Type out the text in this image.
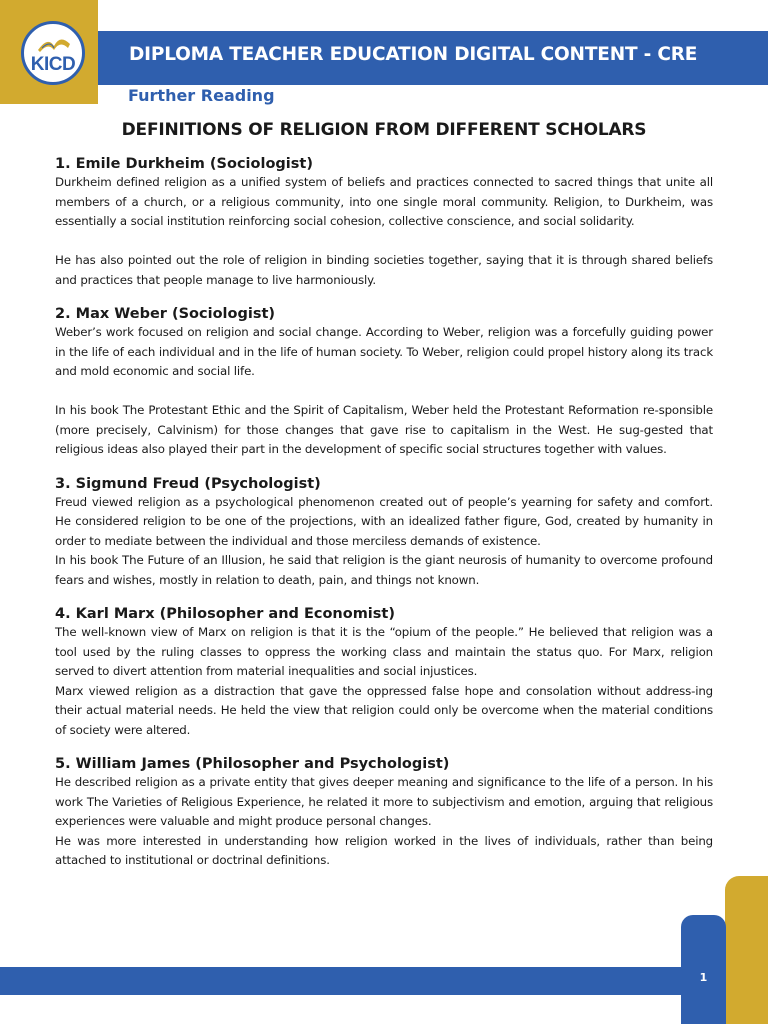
KICD	DIPLOMA TEACHER EDUCATION DIGITAL CONTENT - CRE
Further Reading
DEFINITIONS OF RELIGION FROM DIFFERENT SCHOLARS
1. Emile Durkheim (Sociologist)

Durkheim defined religion as a unified system of beliefs and practices connected to sacred things that unite all members of a church, or a religious community, into one single moral community. Religion, to Durkheim, was essentially a social institution reinforcing social cohesion, collective conscience, and social solidarity.

He has also pointed out the role of religion in binding societies together, saying that it is through shared beliefs and practices that people manage to live harmoniously.

2. Max Weber (Sociologist)

Weber’s work focused on religion and social change. According to Weber, religion was a forcefully guiding power in the life of each individual and in the life of human society. To Weber, religion could propel history along its track and mold economic and social life.

In his book The Protestant Ethic and the Spirit of Capitalism, Weber held the Protestant Reformation re-sponsible (more precisely, Calvinism) for those changes that gave rise to capitalism in the West. He sug-gested that religious ideas also played their part in the development of specific social structures together with values.

3. Sigmund Freud (Psychologist)

Freud viewed religion as a psychological phenomenon created out of people’s yearning for safety and comfort. He considered religion to be one of the projections, with an idealized father figure, God, created by humanity in order to mediate between the individual and those merciless demands of existence.

In his book The Future of an Illusion, he said that religion is the giant neurosis of humanity to overcome profound fears and wishes, mostly in relation to death, pain, and things not known.

4. Karl Marx (Philosopher and Economist)

The well-known view of Marx on religion is that it is the “opium of the people.” He believed that religion was a tool used by the ruling classes to oppress the working class and maintain the status quo. For Marx, religion served to divert attention from material inequalities and social injustices.

Marx viewed religion as a distraction that gave the oppressed false hope and consolation without address-ing their actual material needs. He held the view that religion could only be overcome when the material conditions of society were altered.

5. William James (Philosopher and Psychologist)

He described religion as a private entity that gives deeper meaning and significance to the life of a person. In his work The Varieties of Religious Experience, he related it more to subjectivism and emotion, arguing that religious experiences were valuable and might produce personal changes.

He was more interested in understanding how religion worked in the lives of individuals, rather than being attached to institutional or doctrinal definitions.

1
